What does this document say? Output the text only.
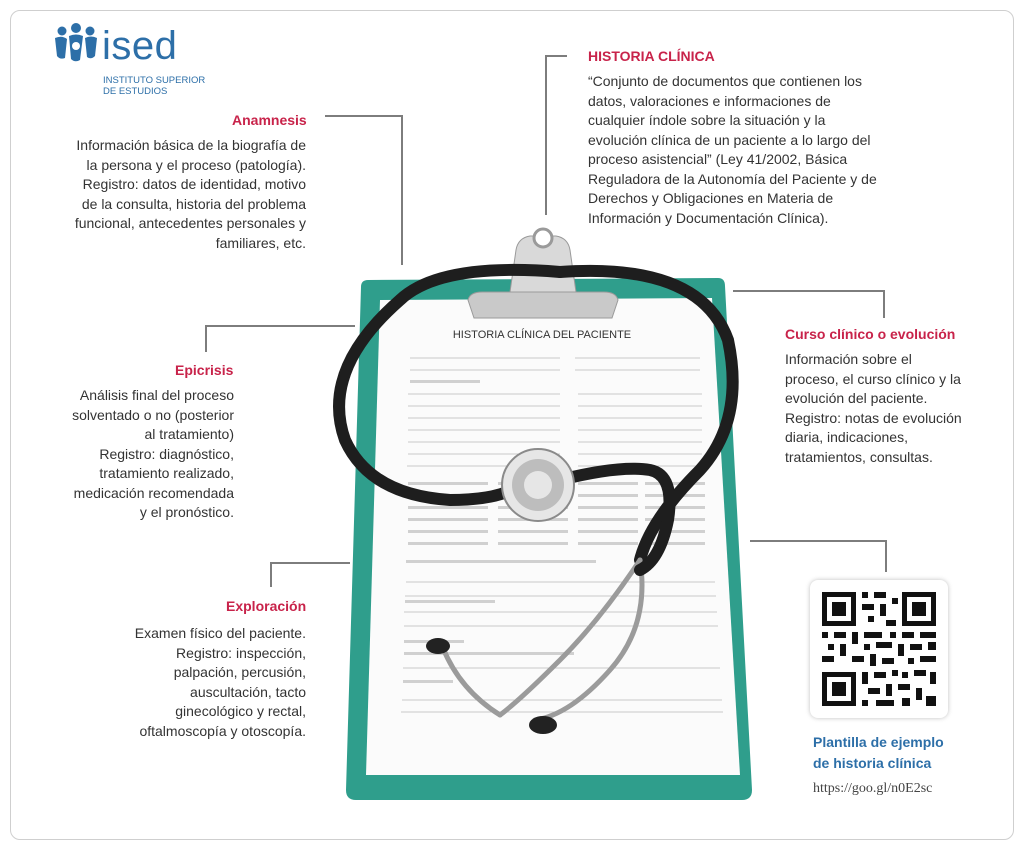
ised
INSTITUTO SUPERIOR
DE ESTUDIOS
HISTORIA CLÍNICA DEL PACIENTE
HISTORIA CLÍNICA
“Conjunto de documentos que contienen los
datos, valoraciones e informaciones de
cualquier índole sobre la situación y la
evolución clínica de un paciente a lo largo del
proceso asistencial” (Ley 41/2002, Básica
Reguladora de la Autonomía del Paciente y de
Derechos y Obligaciones en Materia de
Información y Documentación Clínica).
Anamnesis
Información básica de la biografía de
la persona y el proceso (patología).
Registro: datos de identidad, motivo
de la consulta, historia del problema
funcional, antecedentes personales y
familiares, etc.
Epicrisis
Análisis final del proceso
solventado o no (posterior
al tratamiento)
Registro: diagnóstico,
tratamiento realizado,
medicación recomendada
y el pronóstico.
Exploración
Examen físico del paciente.
Registro: inspección,
palpación, percusión,
auscultación, tacto
ginecológico y rectal,
oftalmoscopía y otoscopía.
Curso clínico o evolución
Información sobre el
proceso, el curso clínico y la
evolución del paciente.
Registro: notas de evolución
diaria, indicaciones,
tratamientos, consultas.
Plantilla de ejemplo
de historia clínica
https://goo.gl/n0E2sc
